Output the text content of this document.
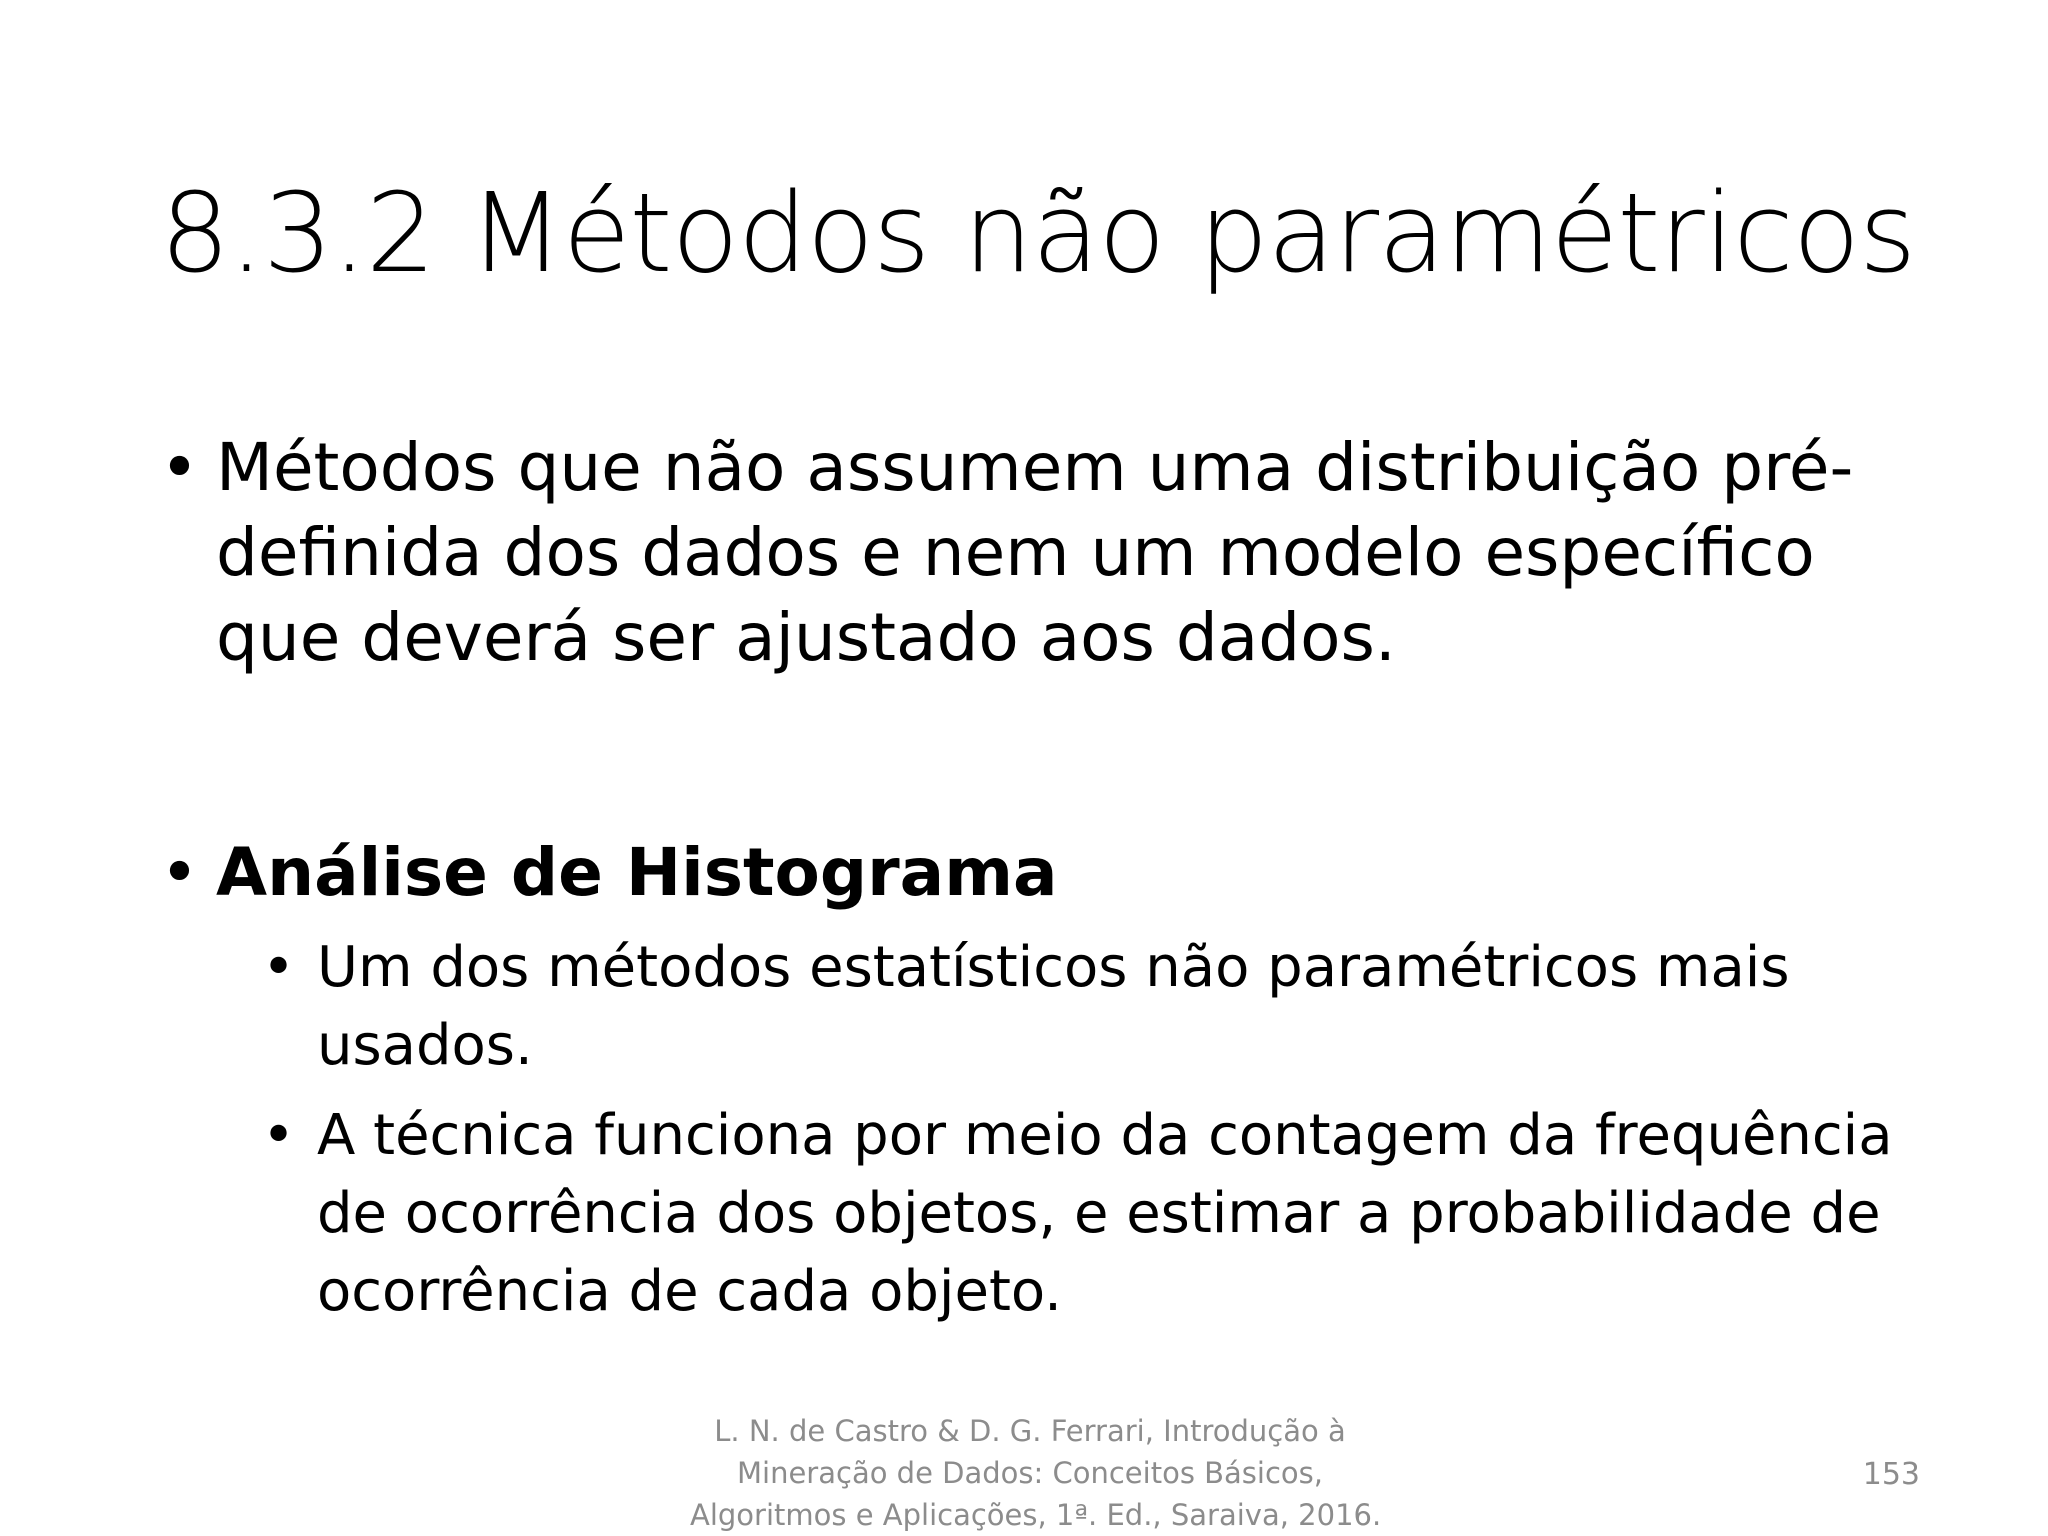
8.3.2 Métodos não paramétricos
• Métodos que não assumem uma distribuição pré-
definida dos dados e nem um modelo específico
que deverá ser ajustado aos dados.
• Análise de Histograma
• Um dos métodos estatísticos não paramétricos mais
usados.
• A técnica funciona por meio da contagem da frequência
de ocorrência dos objetos, e estimar a probabilidade de
ocorrência de cada objeto.
L. N. de Castro & D. G. Ferrari, Introdução à
Mineração de Dados: Conceitos Básicos,
Algoritmos e Aplicações, 1ª. Ed., Saraiva, 2016.
153
